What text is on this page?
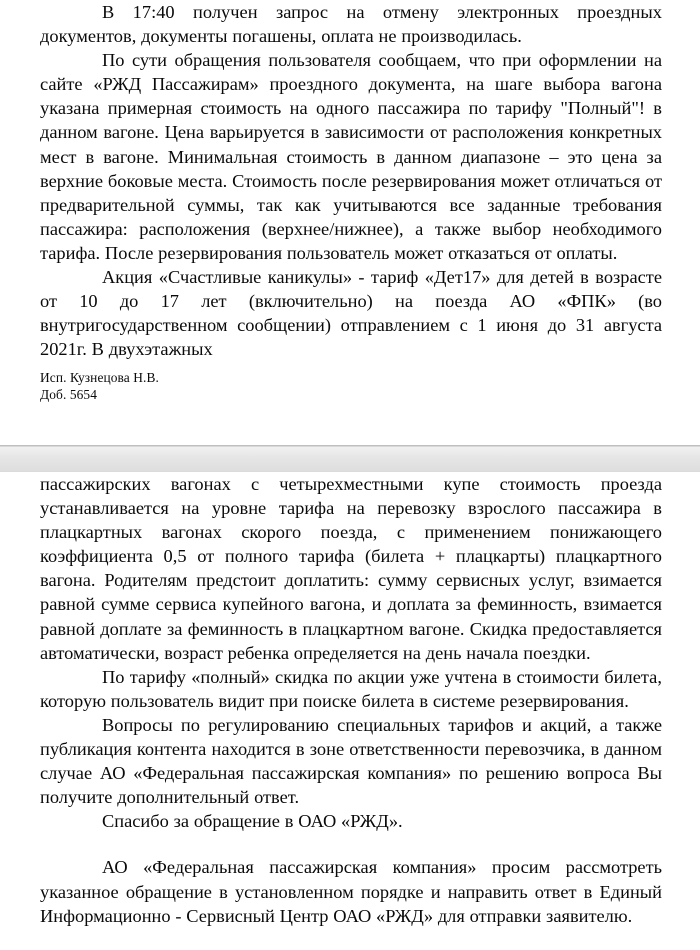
В 17:40 получен запрос на отмену электронных проездных документов, документы погашены, оплата не производилась.

По сути обращения пользователя сообщаем, что при оформлении на сайте «РЖД Пассажирам» проездного документа, на шаге выбора вагона указана примерная стоимость на одного пассажира по тарифу "Полный"! в данном вагоне. Цена варьируется в зависимости от расположения конкретных мест в вагоне. Минимальная стоимость в данном диапазоне – это цена за верхние боковые места. Стоимость после резервирования может отличаться от предварительной суммы, так как учитываются все заданные требования пассажира: расположения (верхнее/нижнее), а также выбор необходимого тарифа. После резервирования пользователь может отказаться от оплаты.

Акция «Счастливые каникулы» - тариф «Дет17» для детей в возрасте от 10 до 17 лет (включительно) на поезда АО «ФПК» (во внутригосударственном сообщении) отправлением с 1 июня до 31 августа 2021г. В двухэтажных

Исп. Кузнецова Н.В.

Доб. 5654

пассажирских вагонах с четырехместными купе стоимость проезда устанавливается на уровне тарифа на перевозку взрослого пассажира в плацкартных вагонах скорого поезда, с применением понижающего коэффициента 0,5 от полного тарифа (билета + плацкарты) плацкартного вагона. Родителям предстоит доплатить: сумму сервисных услуг, взимается равной сумме сервиса купейного вагона, и доплата за феминность, взимается равной доплате за феминность в плацкартном вагоне. Скидка предоставляется автоматически, возраст ребенка определяется на день начала поездки.

По тарифу «полный» скидка по акции уже учтена в стоимости билета, которую пользователь видит при поиске билета в системе резервирования.

Вопросы по регулированию специальных тарифов и акций, а также публикация контента находится в зоне ответственности перевозчика, в данном случае АО «Федеральная пассажирская компания» по решению вопроса Вы получите дополнительный ответ.

Спасибо за обращение в ОАО «РЖД».

АО «Федеральная пассажирская компания» просим рассмотреть указанное обращение в установленном порядке и направить ответ в Единый Информационно - Сервисный Центр ОАО «РЖД» для отправки заявителю.
